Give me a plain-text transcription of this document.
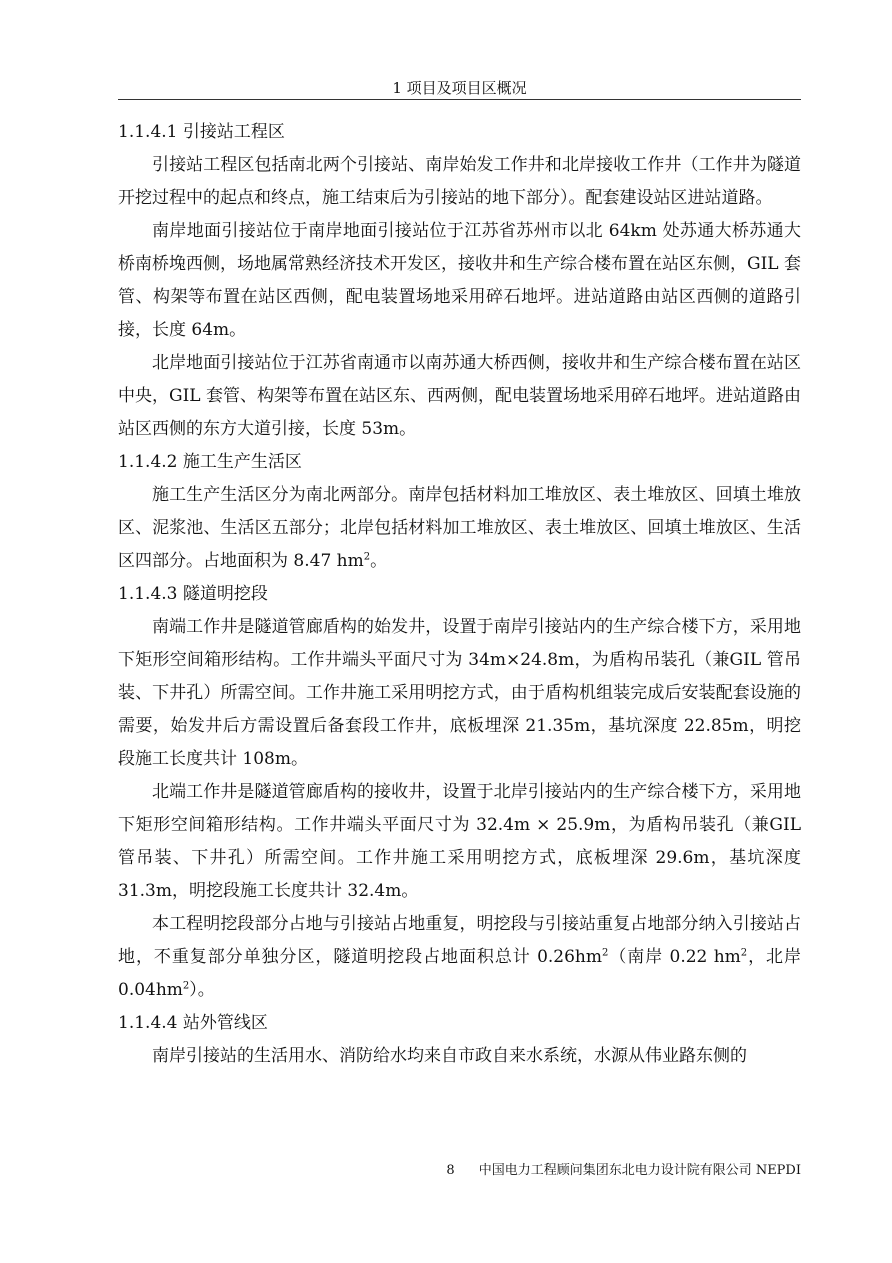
1 项目及项目区概况

1.1.4.1 引接站工程区

引接站工程区包括南北两个引接站、南岸始发工作井和北岸接收工作井（工作井为隧道开挖过程中的起点和终点，施工结束后为引接站的地下部分）。配套建设站区进站道路。

南岸地面引接站位于南岸地面引接站位于江苏省苏州市以北 64km 处苏通大桥苏通大桥南桥堍西侧，场地属常熟经济技术开发区，接收井和生产综合楼布置在站区东侧，GIL 套管、构架等布置在站区西侧，配电装置场地采用碎石地坪。进站道路由站区西侧的道路引接，长度 64m。

北岸地面引接站位于江苏省南通市以南苏通大桥西侧，接收井和生产综合楼布置在站区中央，GIL 套管、构架等布置在站区东、西两侧，配电装置场地采用碎石地坪。进站道路由站区西侧的东方大道引接，长度 53m。

1.1.4.2 施工生产生活区

施工生产生活区分为南北两部分。南岸包括材料加工堆放区、表土堆放区、回填土堆放区、泥浆池、生活区五部分；北岸包括材料加工堆放区、表土堆放区、回填土堆放区、生活区四部分。占地面积为 8.47 $hm^2$。

1.1.4.3 隧道明挖段

南端工作井是隧道管廊盾构的始发井，设置于南岸引接站内的生产综合楼下方，采用地下矩形空间箱形结构。工作井端头平面尺寸为 34m×24.8m，为盾构吊装孔（兼GIL 管吊装、下井孔）所需空间。工作井施工采用明挖方式，由于盾构机组装完成后安装配套设施的需要，始发井后方需设置后备套段工作井，底板埋深 21.35m，基坑深度 22.85m，明挖段施工长度共计 108m。

北端工作井是隧道管廊盾构的接收井，设置于北岸引接站内的生产综合楼下方，采用地下矩形空间箱形结构。工作井端头平面尺寸为 32.4m × 25.9m，为盾构吊装孔（兼GIL 管吊装、下井孔）所需空间。工作井施工采用明挖方式，底板埋深 29.6m，基坑深度 31.3m，明挖段施工长度共计 32.4m。

本工程明挖段部分占地与引接站占地重复，明挖段与引接站重复占地部分纳入引接站占地，不重复部分单独分区，隧道明挖段占地面积总计 $0.26hm^2$（南岸 0.22 $hm^2$，北岸 $0.04hm^2$）。

1.1.4.4 站外管线区

南岸引接站的生活用水、消防给水均来自市政自来水系统，水源从伟业路东侧的

8 中国电力工程顾问集团东北电力设计院有限公司 NEPDI
